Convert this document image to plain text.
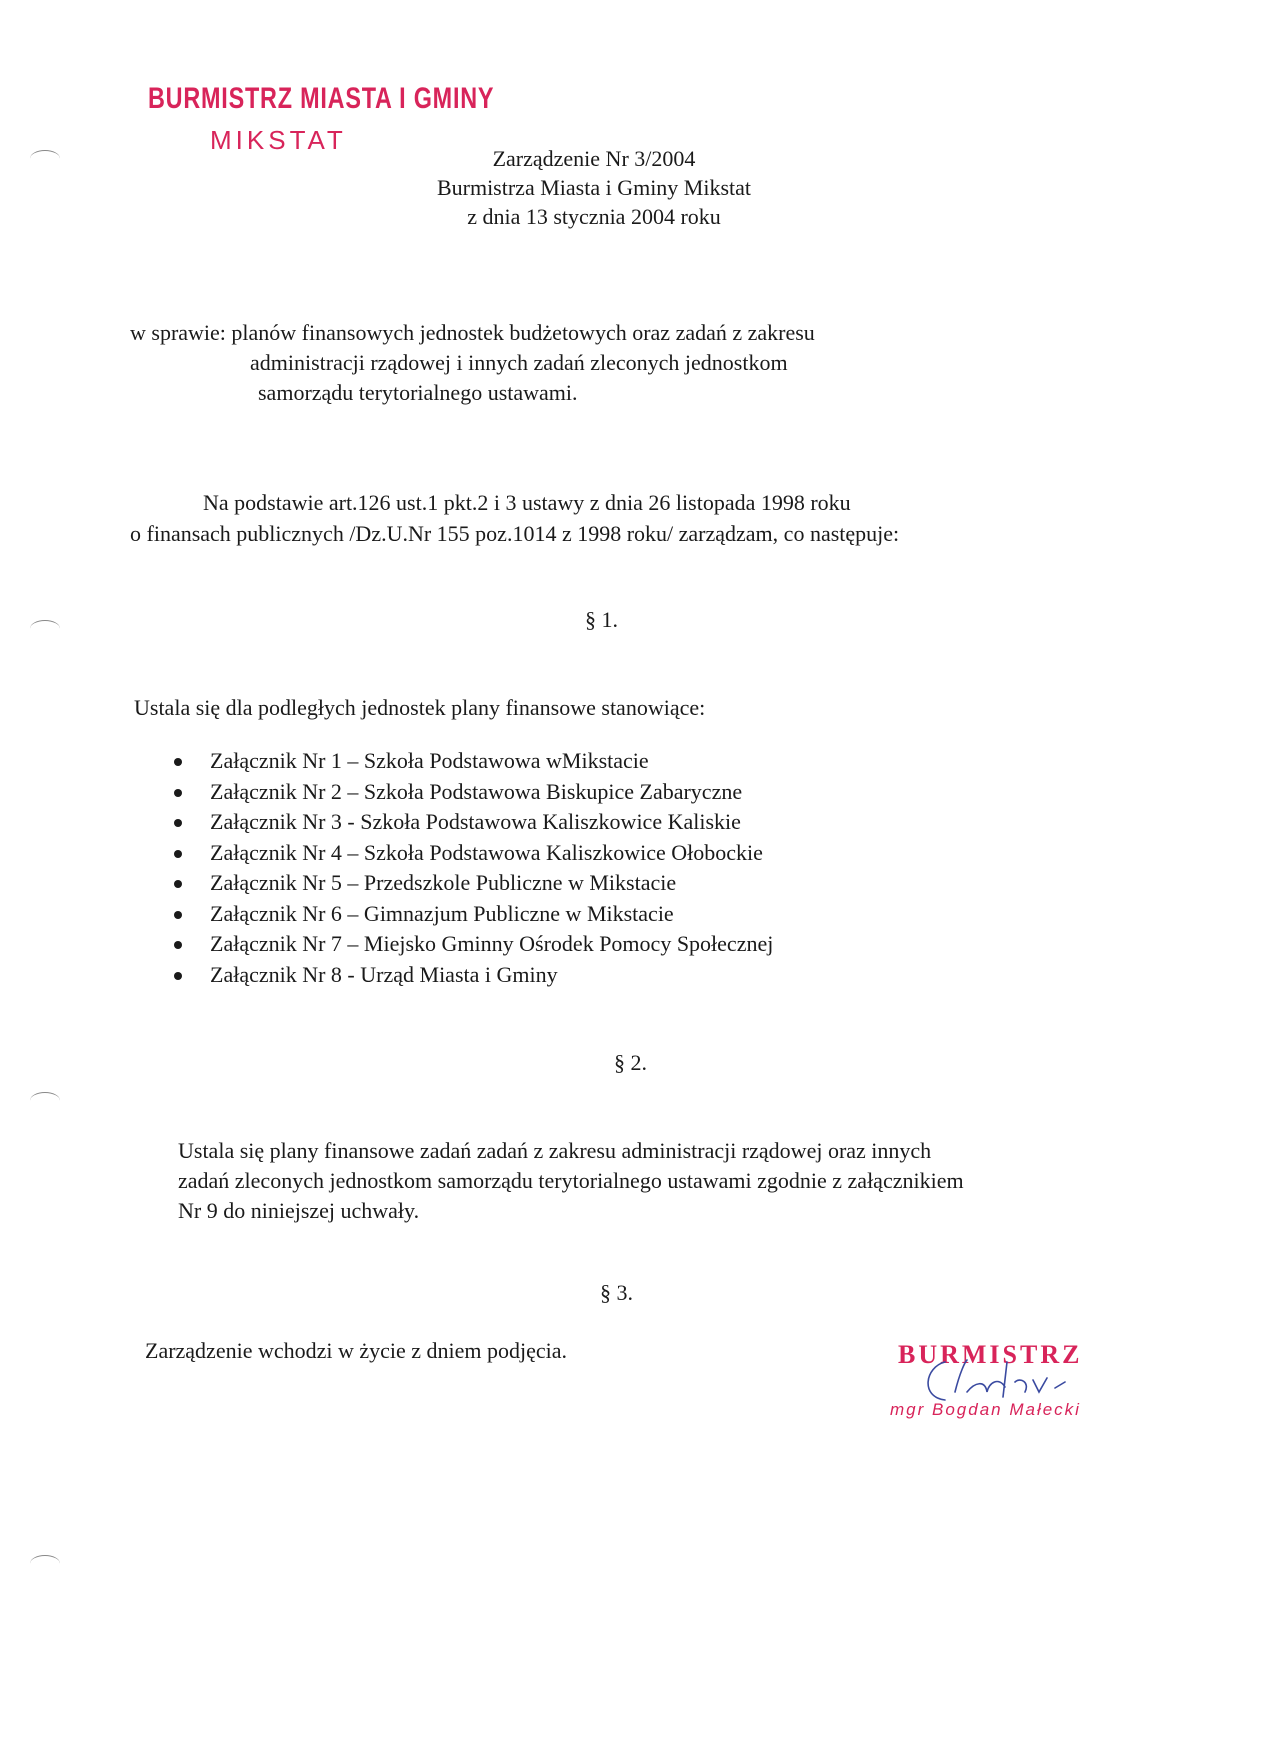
BURMISTRZ MIASTA I GMINY
MIKSTAT
Zarządzenie Nr 3/2004
Burmistrza Miasta i Gminy Mikstat
z dnia 13 stycznia 2004 roku
w sprawie: planów finansowych jednostek budżetowych oraz zadań z zakresu
administracji rządowej i innych zadań zleconych jednostkom
samorządu terytorialnego ustawami.
Na podstawie art.126 ust.1 pkt.2 i 3 ustawy z dnia 26 listopada 1998 roku
o finansach publicznych /Dz.U.Nr 155 poz.1014 z 1998 roku/ zarządzam, co następuje:
§ 1.
Ustala się dla podległych jednostek plany finansowe stanowiące:
Załącznik Nr 1 – Szkoła Podstawowa wMikstacie
Załącznik Nr 2 – Szkoła Podstawowa Biskupice Zabaryczne
Załącznik Nr 3 - Szkoła Podstawowa Kaliszkowice Kaliskie
Załącznik Nr 4 – Szkoła Podstawowa Kaliszkowice Ołobockie
Załącznik Nr 5 – Przedszkole Publiczne w Mikstacie
Załącznik Nr 6 – Gimnazjum Publiczne w Mikstacie
Załącznik Nr 7 – Miejsko Gminny Ośrodek Pomocy Społecznej
Załącznik Nr 8 - Urząd Miasta i Gminy
§ 2.
Ustala się plany finansowe zadań zadań z zakresu administracji rządowej oraz innych
zadań zleconych jednostkom samorządu terytorialnego ustawami zgodnie z załącznikiem
Nr 9 do niniejszej uchwały.
§ 3.
Zarządzenie wchodzi w życie z dniem podjęcia.	BURMISTRZ
mgr Bogdan Małecki
